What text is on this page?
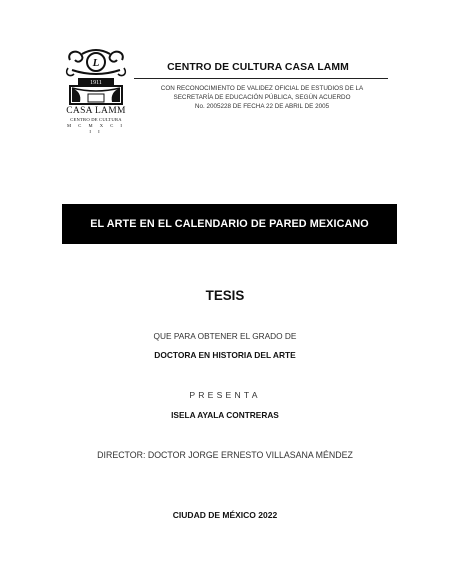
L
1911
CASA LAMM
CENTRO DE CULTURA
M C M X C I I I
CENTRO DE CULTURA CASA LAMM
CON RECONOCIMIENTO DE VALIDEZ OFICIAL DE ESTUDIOS DE LA
SECRETARÍA DE EDUCACIÓN PÚBLICA, SEGÚN ACUERDO
No. 2005228 DE FECHA 22 DE ABRIL DE 2005
EL ARTE EN EL CALENDARIO DE PARED MEXICANO
TESIS
QUE PARA OBTENER EL GRADO DE
DOCTORA EN HISTORIA DEL ARTE
PRESENTA
ISELA AYALA CONTRERAS
DIRECTOR: DOCTOR JORGE ERNESTO VILLASANA MÉNDEZ
CIUDAD DE MÉXICO 2022
